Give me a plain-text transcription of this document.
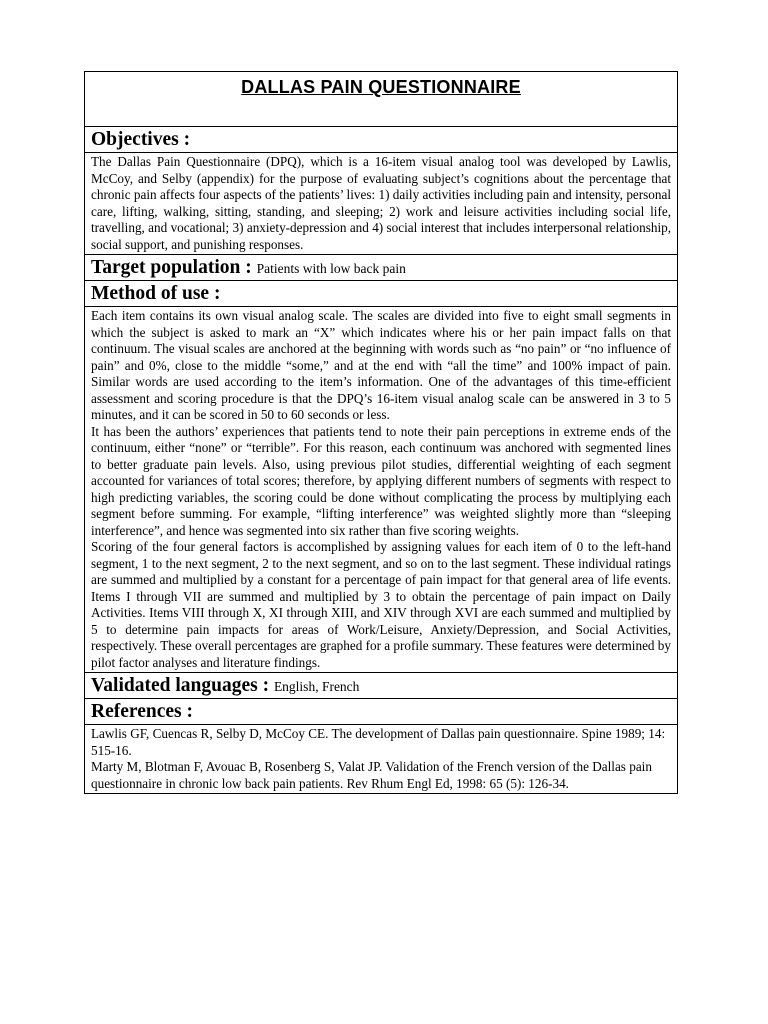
DALLAS PAIN QUESTIONNAIRE
Objectives :

The Dallas Pain Questionnaire (DPQ), which is a 16-item visual analog tool was developed by Lawlis, McCoy, and Selby (appendix) for the purpose of evaluating subject’s cognitions about the percentage that chronic pain affects four aspects of the patients’ lives: 1) daily activities including pain and intensity, personal care, lifting, walking, sitting, standing, and sleeping; 2) work and leisure activities including social life, travelling, and vocational; 3) anxiety-depression and 4) social interest that includes interpersonal relationship, social support, and punishing responses.

Target population : Patients with low back pain
Method of use :

Each item contains its own visual analog scale. The scales are divided into five to eight small segments in which the subject is asked to mark an “X” which indicates where his or her pain impact falls on that continuum. The visual scales are anchored at the beginning with words such as “no pain” or “no influence of pain” and 0%, close to the middle “some,” and at the end with “all the time” and 100% impact of pain. Similar words are used according to the item’s information. One of the advantages of this time-efficient assessment and scoring procedure is that the DPQ’s 16-item visual analog scale can be answered in 3 to 5 minutes, and it can be scored in 50 to 60 seconds or less.

It has been the authors’ experiences that patients tend to note their pain perceptions in extreme ends of the continuum, either “none” or “terrible”. For this reason, each continuum was anchored with segmented lines to better graduate pain levels. Also, using previous pilot studies, differential weighting of each segment accounted for variances of total scores; therefore, by applying different numbers of segments with respect to high predicting variables, the scoring could be done without complicating the process by multiplying each segment before summing. For example, “lifting interference” was weighted slightly more than “sleeping interference”, and hence was segmented into six rather than five scoring weights.

Scoring of the four general factors is accomplished by assigning values for each item of 0 to the left-hand segment, 1 to the next segment, 2 to the next segment, and so on to the last segment. These individual ratings are summed and multiplied by a constant for a percentage of pain impact for that general area of life events. Items I through VII are summed and multiplied by 3 to obtain the percentage of pain impact on Daily Activities. Items VIII through X, XI through XIII, and XIV through XVI are each summed and multiplied by 5 to determine pain impacts for areas of Work/Leisure, Anxiety/Depression, and Social Activities, respectively. These overall percentages are graphed for a profile summary. These features were determined by pilot factor analyses and literature findings.

Validated languages : English, French
References :

Lawlis GF, Cuencas R, Selby D, McCoy CE. The development of Dallas pain questionnaire. Spine 1989; 14: 515-16.

Marty M, Blotman F, Avouac B, Rosenberg S, Valat JP. Validation of the French version of the Dallas pain questionnaire in chronic low back pain patients. Rev Rhum Engl Ed, 1998: 65 (5): 126-34.
